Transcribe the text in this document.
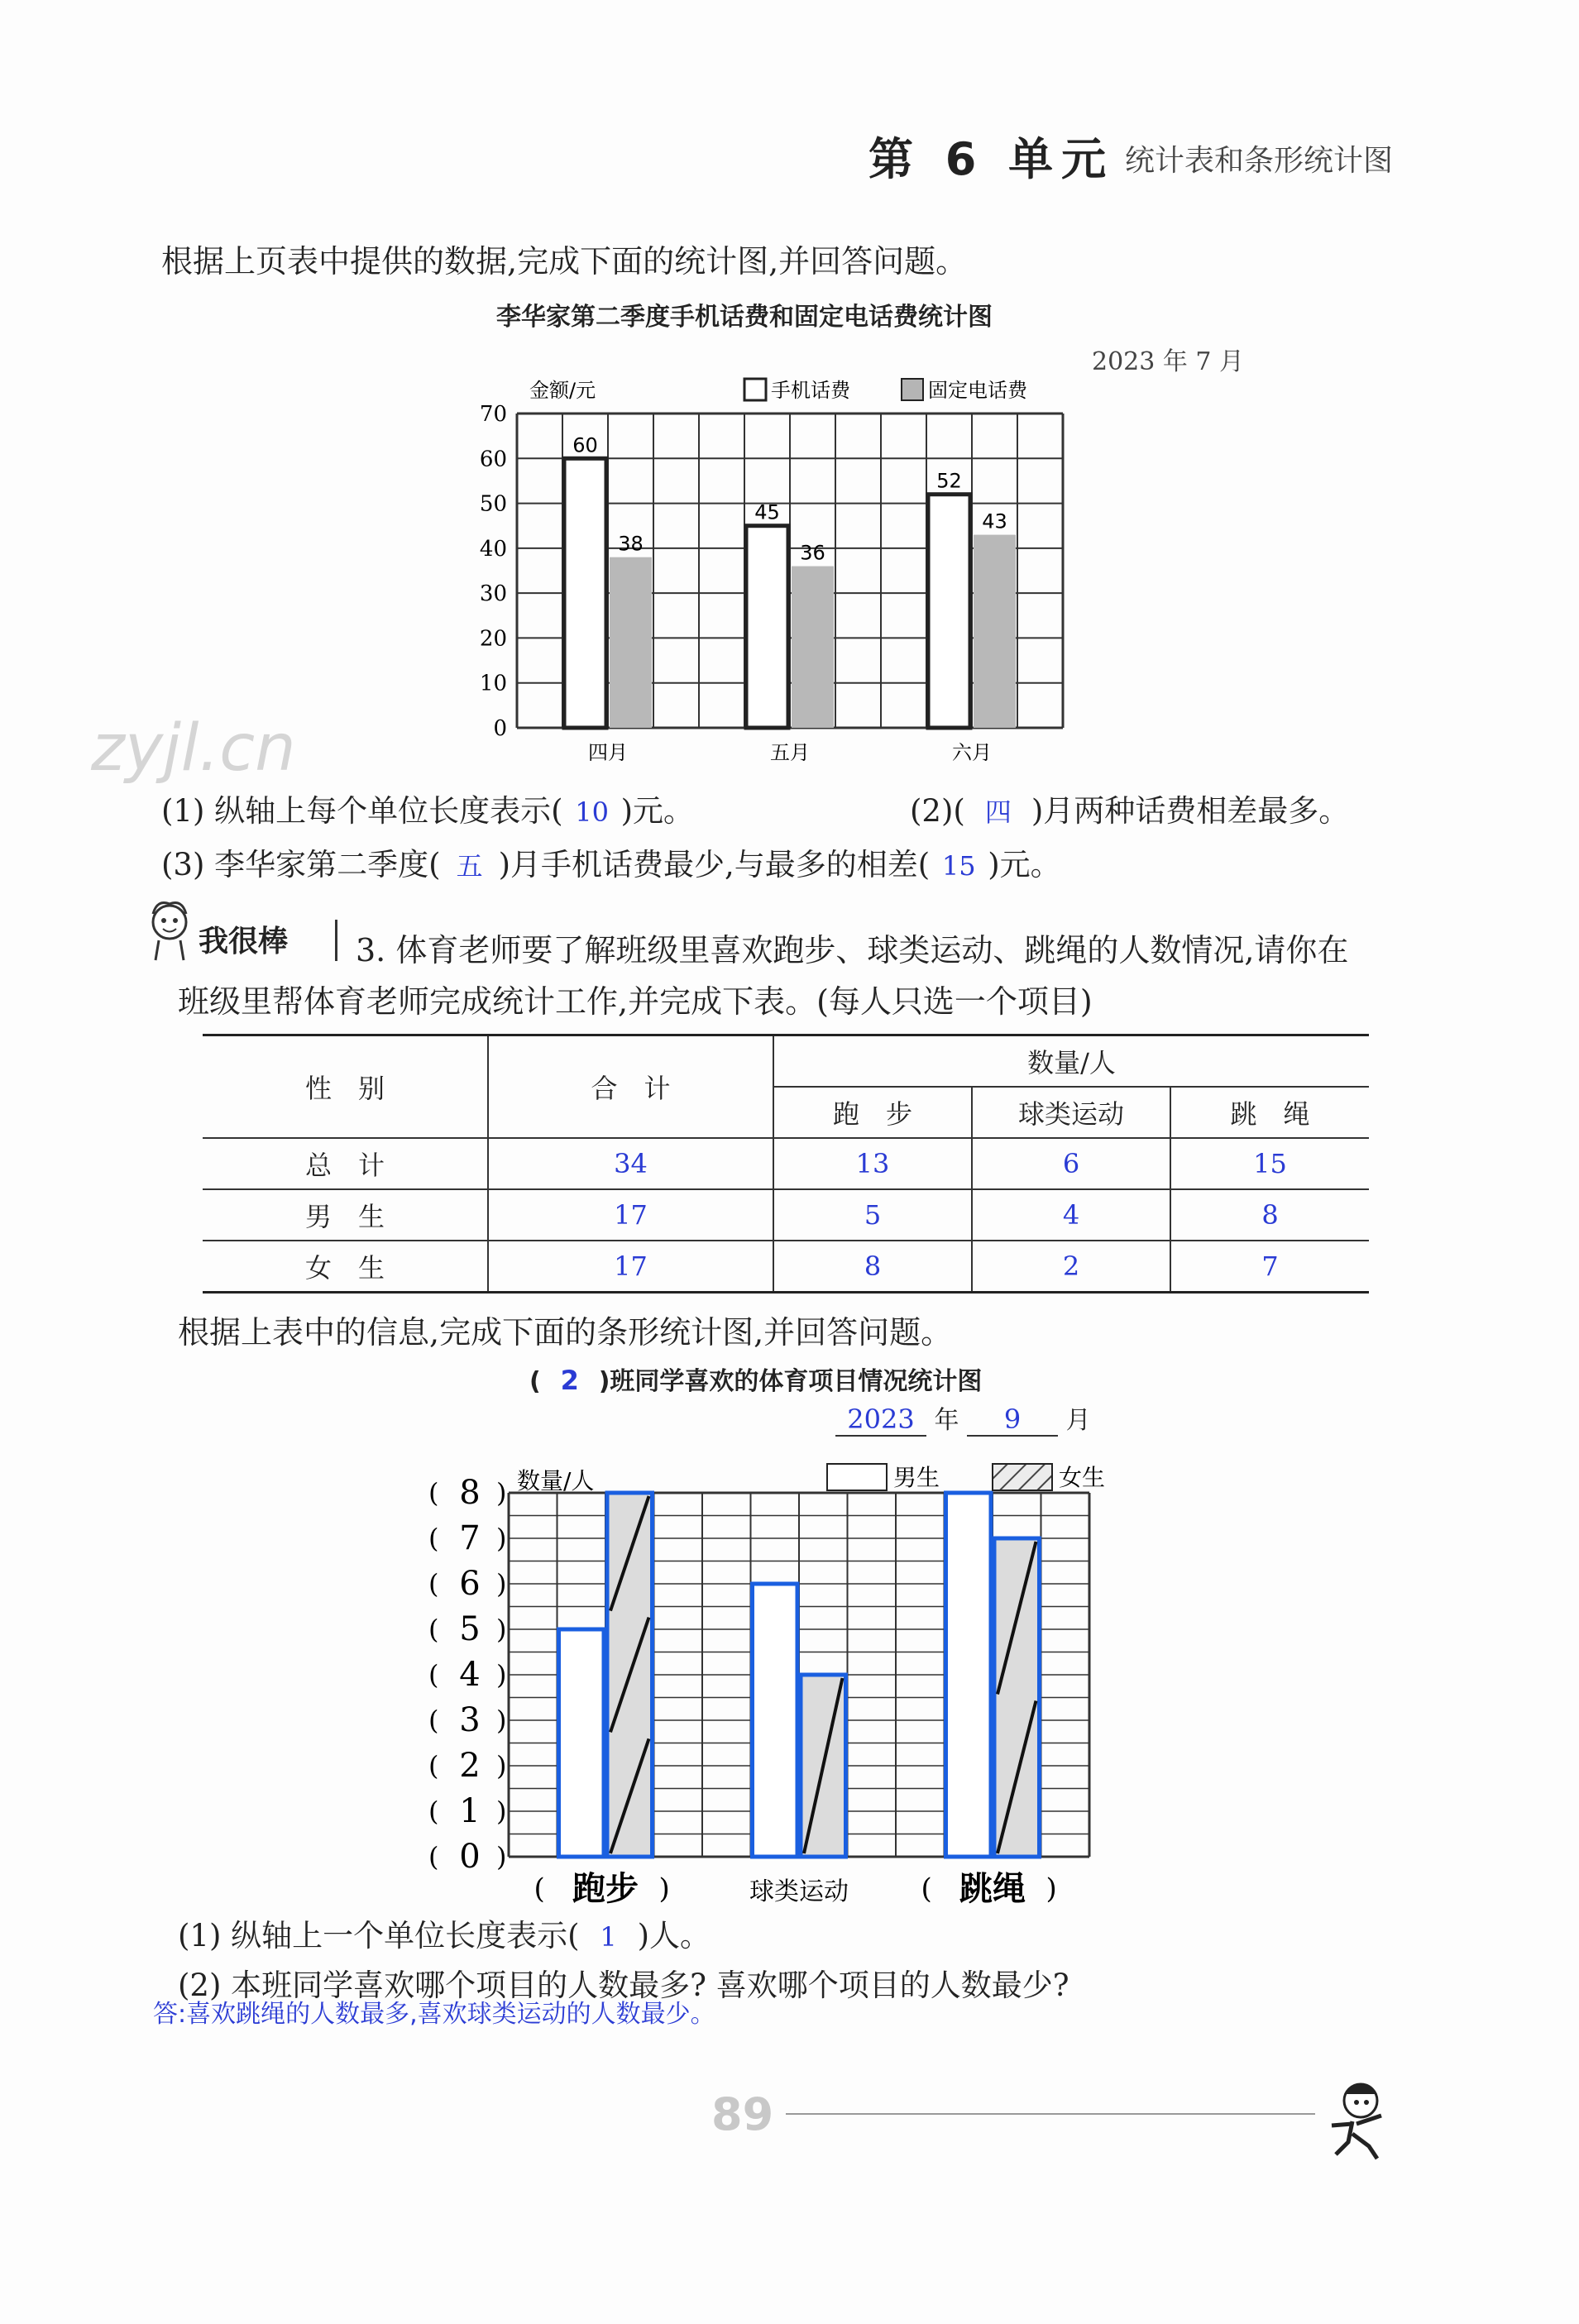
第 6 单元 统计表和条形统计图
根据上页表中提供的数据,完成下面的统计图,并回答问题。
zyjl.cn
李华家第二季度手机话费和固定电话费统计图
2023 年 7 月
0
10
20
30
40
50
60
70
60
38
四月
45
36
五月
52
43
六月
金额/元	手机话费	固定电话费
(1) 纵轴上每个单位长度表示( 10 )元。	(2)( 四 )月两种话费相差最多。
(3) 李华家第二季度( 五 )月手机话费最少,与最多的相差( 15 )元。
我很棒 3. 体育老师要了解班级里喜欢跑步、球类运动、跳绳的人数情况,请你在
班级里帮体育老师完成统计工作,并完成下表。(每人只选一个项目)
性　别	合　计	数量/人		
		跑　步	球类运动	跳　绳
总　计	34	13	6	15
男　生	17	5	4	8
女　生	17	8	2	7
根据上表中的信息,完成下面的条形统计图,并回答问题。
( 2 )班同学喜欢的体育项目情况统计图
2023 年 9 月
( 0 )
( 1 )
( 2 )
( 3 )
( 4 )
( 5 )
( 6 )
( 7 )
( 8 )
跑步
(	)	球类运动	跳绳
(	)
数量/人	男生	女生
(1) 纵轴上一个单位长度表示( 1 )人。
(2) 本班同学喜欢哪个项目的人数最多? 喜欢哪个项目的人数最少?
答:喜欢跳绳的人数最多,喜欢球类运动的人数最少。
89
